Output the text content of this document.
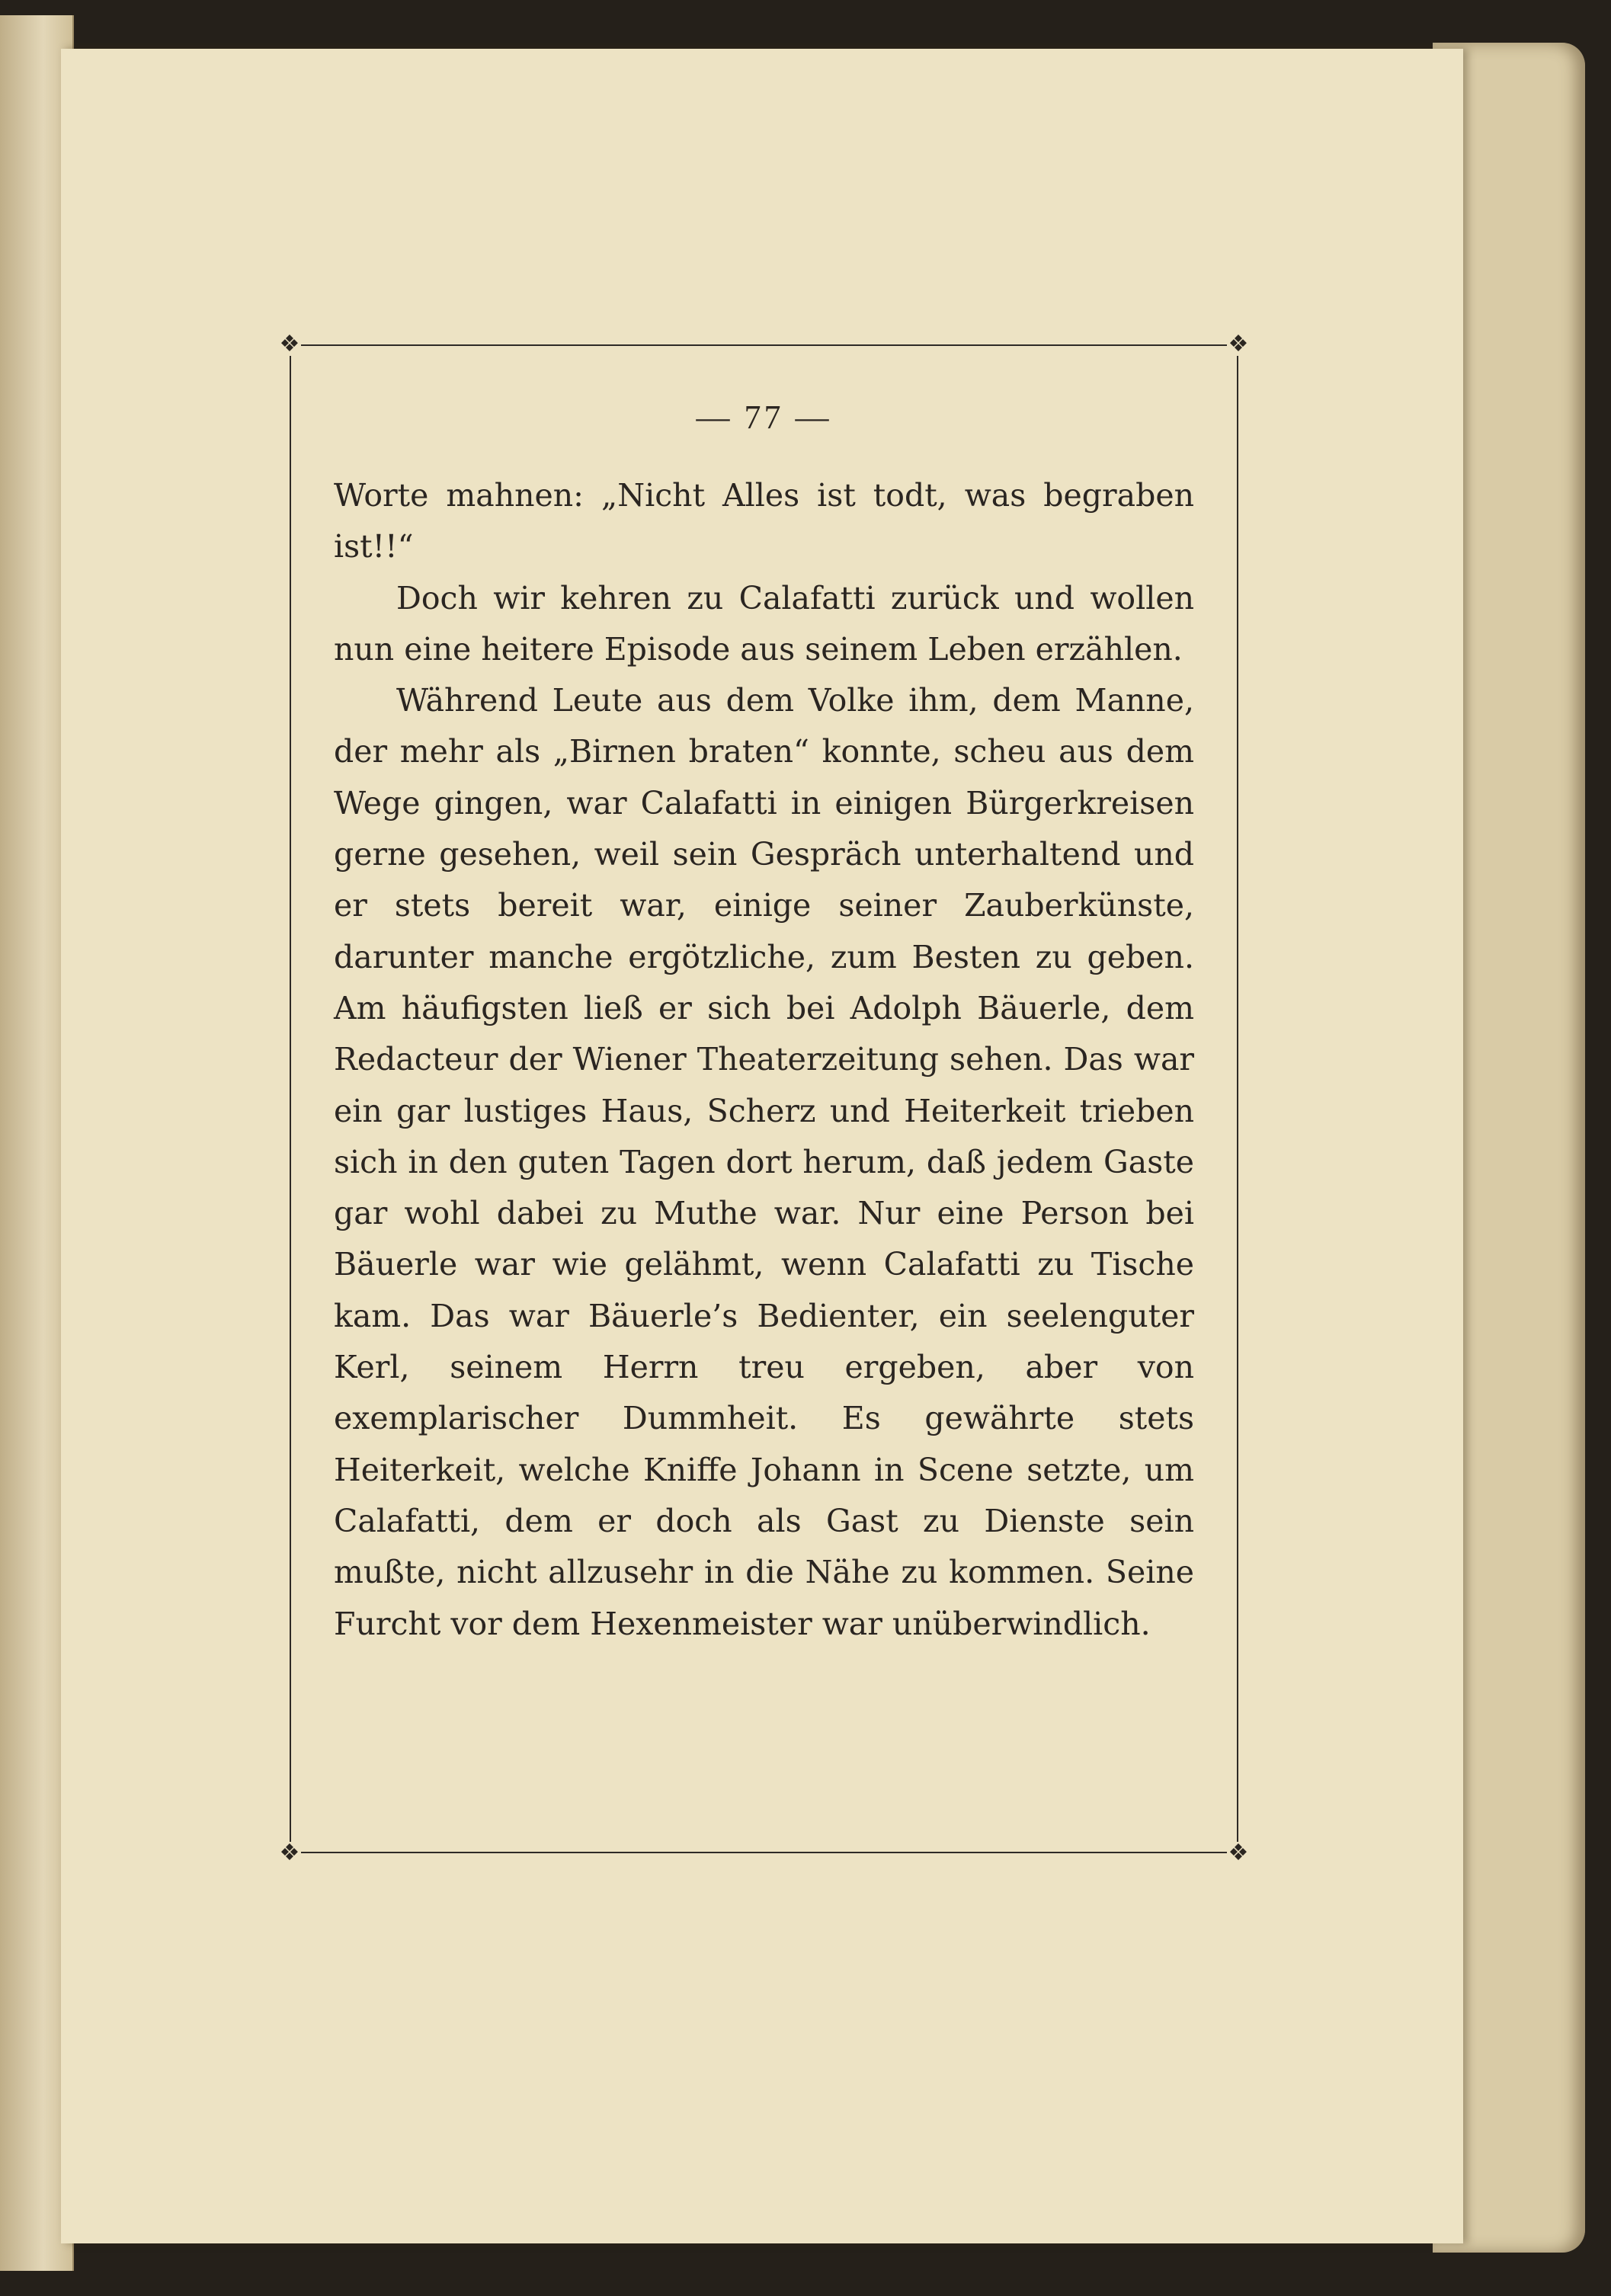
❖	❖
❖	❖
— 77 —

Worte mahnen: „Nicht Alles ist todt, was begraben ist!!“

Doch wir kehren zu Calafatti zurück und wollen nun eine heitere Episode aus seinem Leben erzählen.

Während Leute aus dem Volke ihm, dem Manne, der mehr als „Birnen braten“ konnte, scheu aus dem Wege gingen, war Calafatti in einigen Bürgerkreisen gerne gesehen, weil sein Gespräch unterhaltend und er stets bereit war, einige seiner Zauberkünste, darunter manche ergötzliche, zum Besten zu geben. Am häufigsten ließ er sich bei Adolph Bäuerle, dem Redacteur der Wiener Theaterzeitung sehen. Das war ein gar lustiges Haus, Scherz und Heiterkeit trieben sich in den guten Tagen dort herum, daß jedem Gaste gar wohl dabei zu Muthe war. Nur eine Person bei Bäuerle war wie gelähmt, wenn Calafatti zu Tische kam. Das war Bäuerle’s Bedienter, ein seelenguter Kerl, seinem Herrn treu ergeben, aber von exemplarischer Dummheit. Es gewährte stets Heiterkeit, welche Kniffe Johann in Scene setzte, um Calafatti, dem er doch als Gast zu Dienste sein mußte, nicht allzusehr in die Nähe zu kommen. Seine Furcht vor dem Hexenmeister war unüberwindlich.
